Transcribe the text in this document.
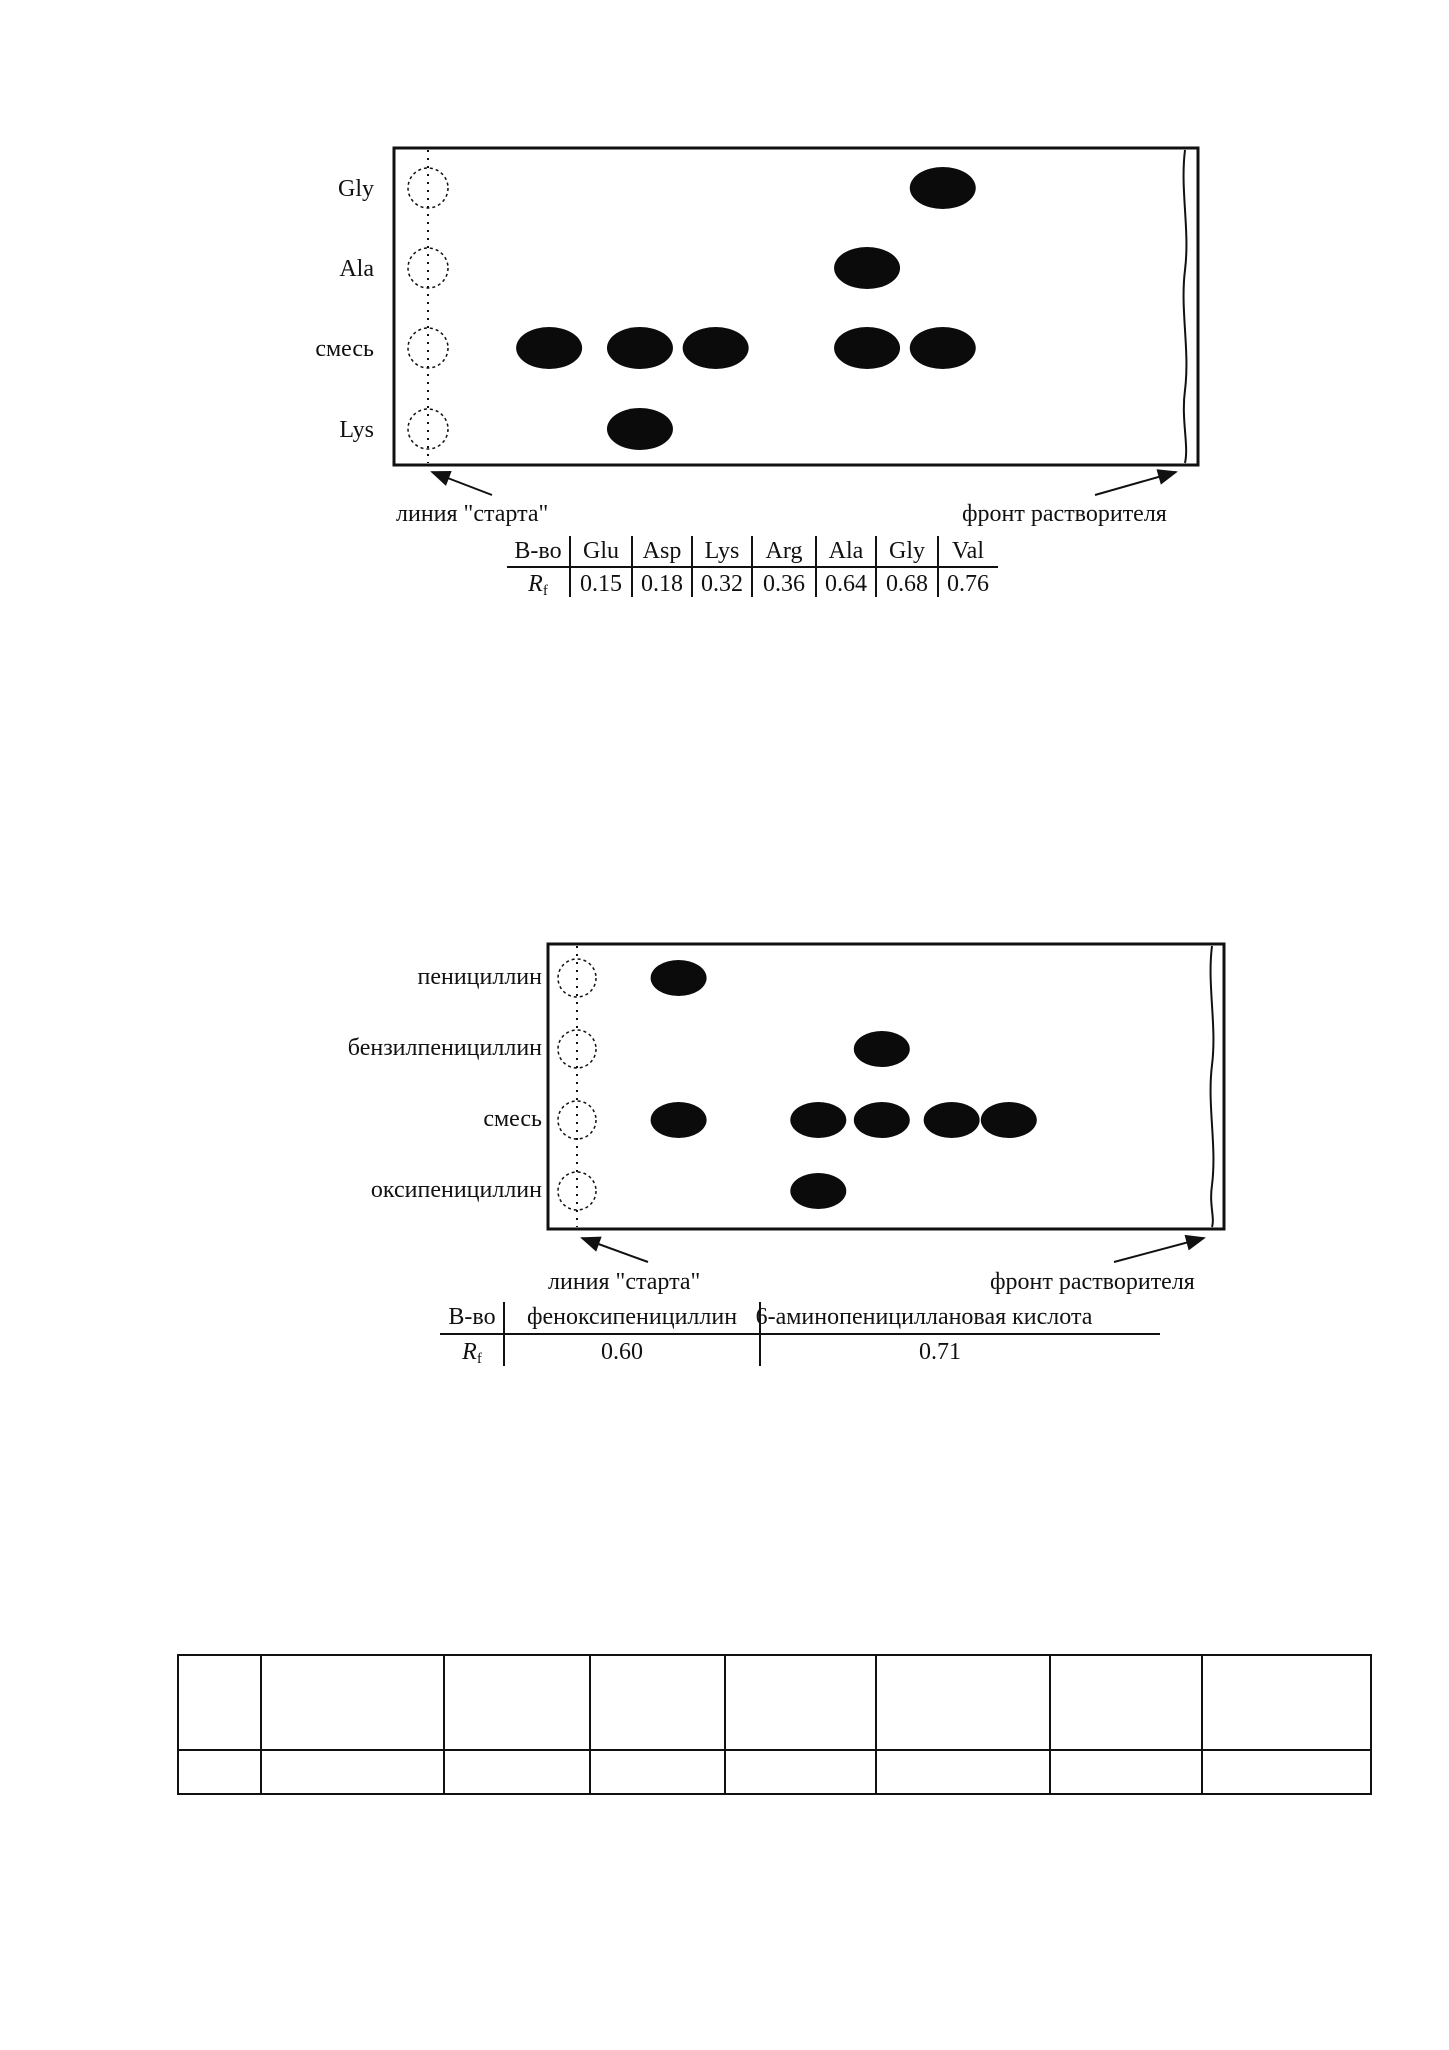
Gly
Ala
смесь
Lys
линия "старта"	фронт растворителя
В-во Glu Asp Lys Arg Ala Gly Val
Rf 0.15 0.18 0.32 0.36 0.64 0.68 0.76
пенициллин
бензилпенициллин
смесь
оксипенициллин
линия "старта"	фронт растворителя
В-во феноксипенициллин 6-аминопенициллановая кислота
Rf	0.60	0.71
